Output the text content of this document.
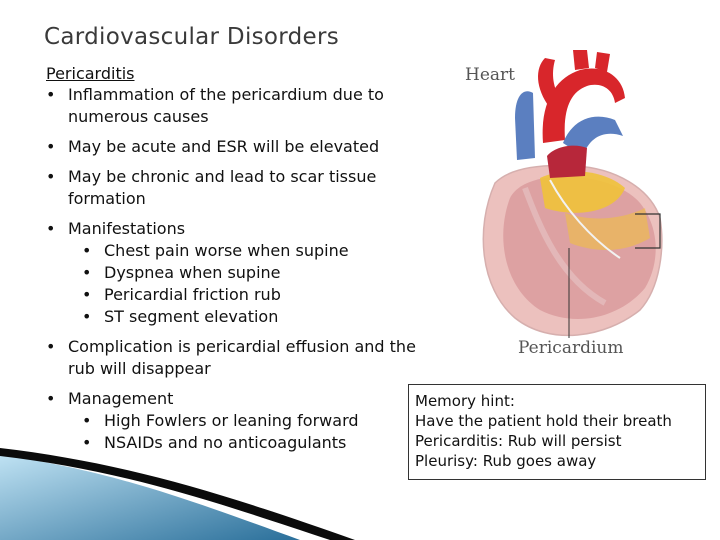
Cardiovascular Disorders
Pericarditis
• Inflammation of the pericardium due to numerous causes
• May be acute and ESR will be elevated
• May be chronic and lead to scar tissue formation
• Manifestations
• Chest pain worse when supine
• Dyspnea when supine
• Pericardial friction rub
• ST segment elevation
• Complication is pericardial effusion and the rub will disappear
• Management
• High Fowlers or leaning forward
• NSAIDs and no anticoagulants
Heart
Pericardium
Memory hint:
Have the patient hold their breath
Pericarditis: Rub will persist
Pleurisy: Rub goes away
